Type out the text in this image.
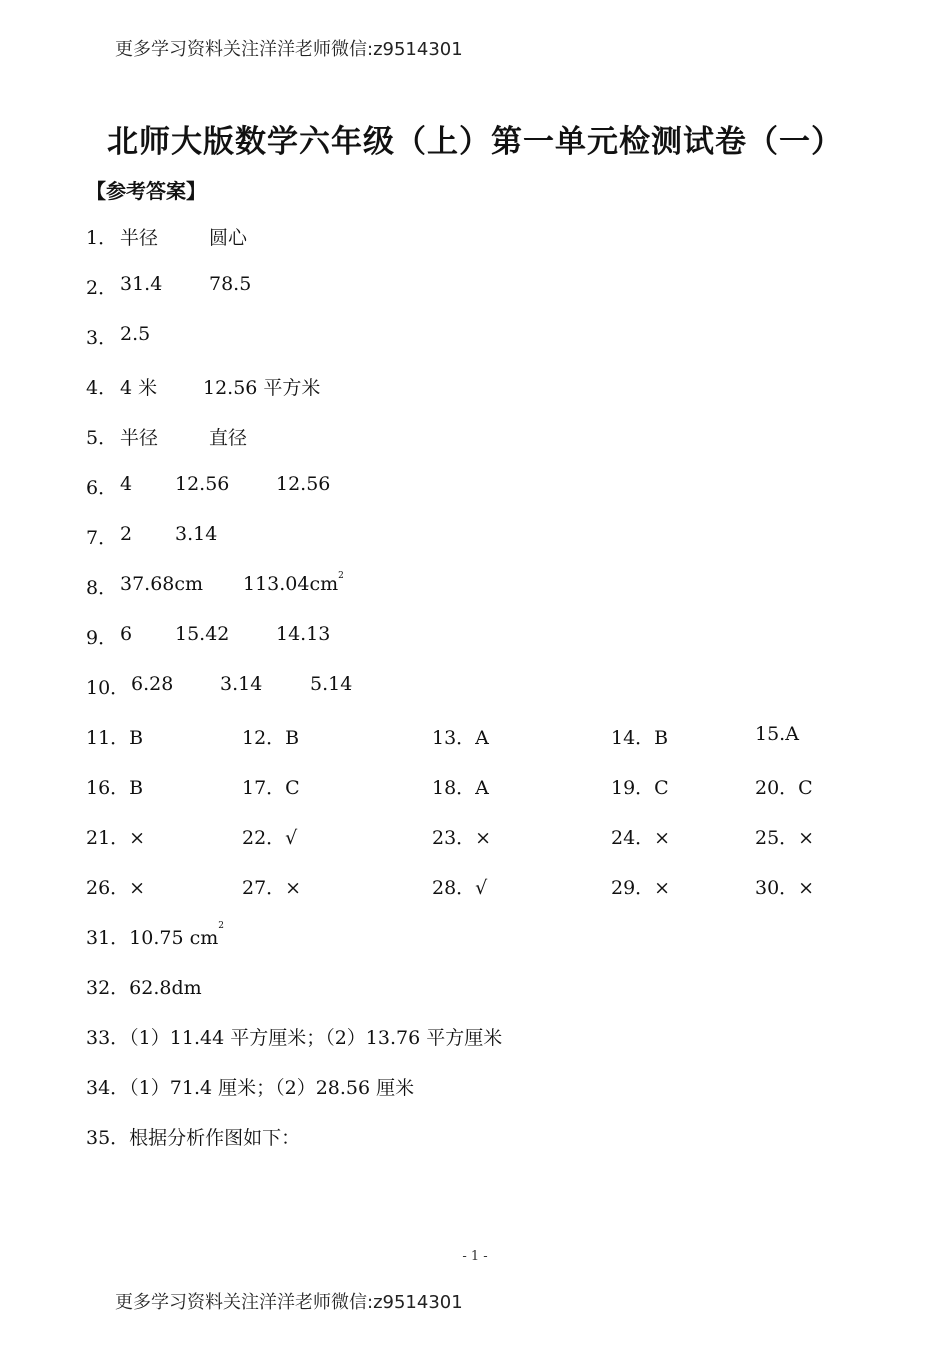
更多学习资料关注洋洋老师微信:z9514301
北师大版数学六年级（上）第一单元检测试卷（一）
【参考答案】
1． 半径	圆心
2． 31.4 78.5
3． 2.5
4． 4 米 12.56 平方米
5． 半径	直径
6． 4 12.56 12.56
7． 2 3.14
8． 37.68cm $113.04cm^2$
9． 6 15.42 14.13
10． 6.28 3.14	5.14
11．B	12．B	13．A	14．B	15.A
16．B	17．C	18．A	19．C	20．C
21．×	22．√	23．×	24．×	25．×
26．×	27．×	28．√	29．×	30．×
31．10.75 $cm^2$
32．62.8dm
33．（1）11.44 平方厘米；（2）13.76 平方厘米
34．（1）71.4 厘米；（2）28.56 厘米
35．根据分析作图如下：
- 1 -
更多学习资料关注洋洋老师微信:z9514301
